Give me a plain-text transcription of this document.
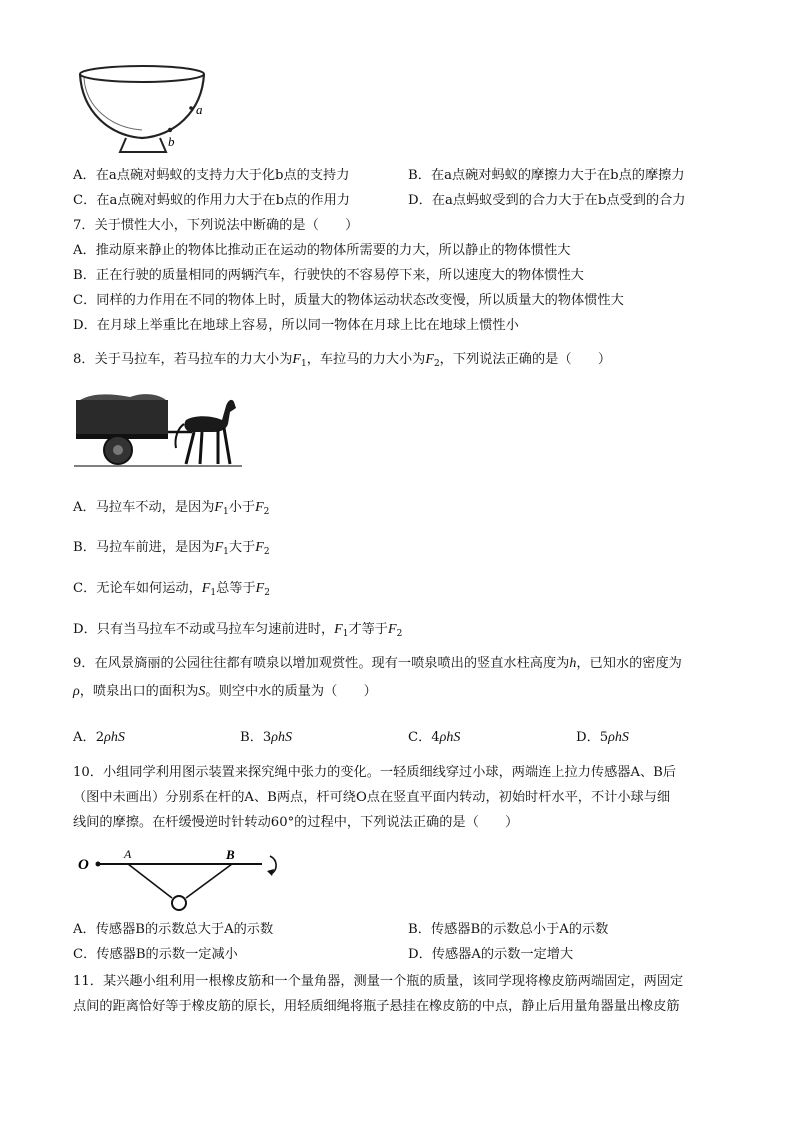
a
b
A．在a点碗对蚂蚁的支持力大于化b点的支持力	B．在a点碗对蚂蚁的摩擦力大于在b点的摩擦力
C．在a点碗对蚂蚁的作用力大于在b点的作用力	D．在a点蚂蚁受到的合力大于在b点受到的合力
7．关于惯性大小，下列说法中断确的是（　　）
A．推动原来静止的物体比推动正在运动的物体所需要的力大，所以静止的物体惯性大
B．正在行驶的质量相同的两辆汽车，行驶快的不容易停下来，所以速度大的物体惯性大
C．同样的力作用在不同的物体上时，质量大的物体运动状态改变慢，所以质量大的物体惯性大
D．在月球上举重比在地球上容易，所以同一物体在月球上比在地球上惯性小
8．关于马拉车，若马拉车的力大小为$F_1$，车拉马的力大小为$F_2$，下列说法正确的是（　　）
A．马拉车不动，是因为$F_1$小于$F_2$
B．马拉车前进，是因为$F_1$大于$F_2$
C．无论车如何运动，$F_1$总等于$F_2$
D．只有当马拉车不动或马拉车匀速前进时，$F_1$才等于$F_2$
9．在风景旖丽的公园往往都有喷泉以增加观赏性。现有一喷泉喷出的竖直水柱高度为h，已知水的密度为
ρ，喷泉出口的面积为S。则空中水的质量为（　　）
A．2ρhS	B．3ρhS	C．4ρhS	D．5ρhS
10．小组同学利用图示装置来探究绳中张力的变化。一轻质细线穿过小球，两端连上拉力传感器A、B后
（图中未画出）分别系在杆的A、B两点，杆可绕O点在竖直平面内转动，初始时杆水平，不计小球与细
线间的摩擦。在杆缓慢逆时针转动60°的过程中，下列说法正确的是（　　）
O
A	B
A．传感器B的示数总大于A的示数	B．传感器B的示数总小于A的示数
C．传感器B的示数一定减小	D．传感器A的示数一定增大
11．某兴趣小组利用一根橡皮筋和一个量角器，测量一个瓶的质量，该同学现将橡皮筋两端固定，两固定
点间的距离恰好等于橡皮筋的原长，用轻质细绳将瓶子悬挂在橡皮筋的中点，静止后用量角器量出橡皮筋
